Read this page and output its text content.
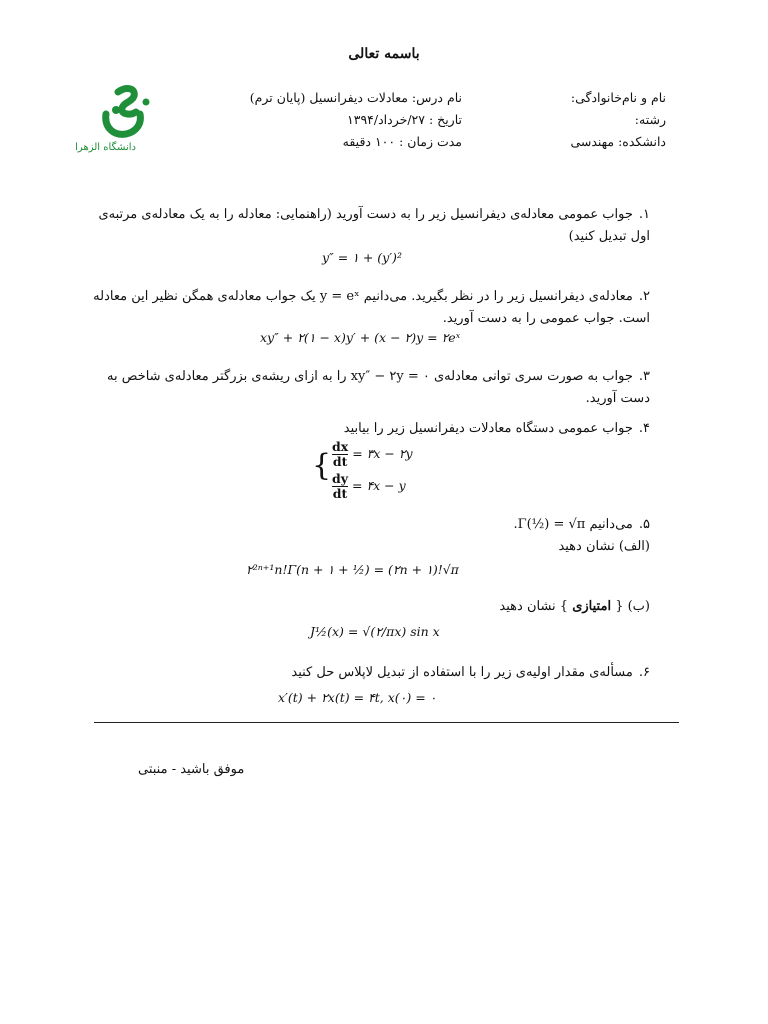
باسمه تعالی
نام و نام‌خانوادگی:
رشته:
دانشکده: مهندسی
نام درس: معادلات دیفرانسیل (پایان ترم)
تاریخ : ۲۷/خرداد/۱۳۹۴
مدت زمان : ۱۰۰ دقیقه
دانشگاه الزهرا
۱.جواب عمومی معادله‌ی دیفرانسیل زیر را به دست آورید (راهنمایی: معادله را به یک معادله‌ی مرتبه‌ی اول تبدیل کنید)
y″ = ۱ + (y′)²
۲.معادله‌ی دیفرانسیل زیر را در نظر بگیرید. می‌دانیم y = eˣ یک جواب معادله‌ی همگن نظیر این معادله است. جواب عمومی را به دست آورید.
xy″ + ۲(۱ − x)y′ + (x − ۲)y = ۲eˣ
۳.جواب به صورت سری توانی معادله‌ی xy″ − ۲y = ۰ را به ازای ریشه‌ی بزرگتر معادله‌ی شاخص به دست آورید.
۴.جواب عمومی دستگاه معادلات دیفرانسیل زیر را بیابید
{ $\frac{dx}{dt}$ = ۳x − ۲y
$\frac{dy}{dt}$ = ۴x − y
۵.می‌دانیم Γ(½) = √π.
(الف) نشان دهید
۲²ⁿ⁺¹n!Γ(n + ۱ + ½) = (۲n + ۱)!√π
(ب) { امتیازی } نشان دهید
J½(x) = √(۲/πx) sin x
۶.مسأله‌ی مقدار اولیه‌ی زیر را با استفاده از تبدیل لاپلاس حل کنید
x′(t) + ۲x(t) = ۴t, x(۰) = ۰
موفق باشید - منبتی
